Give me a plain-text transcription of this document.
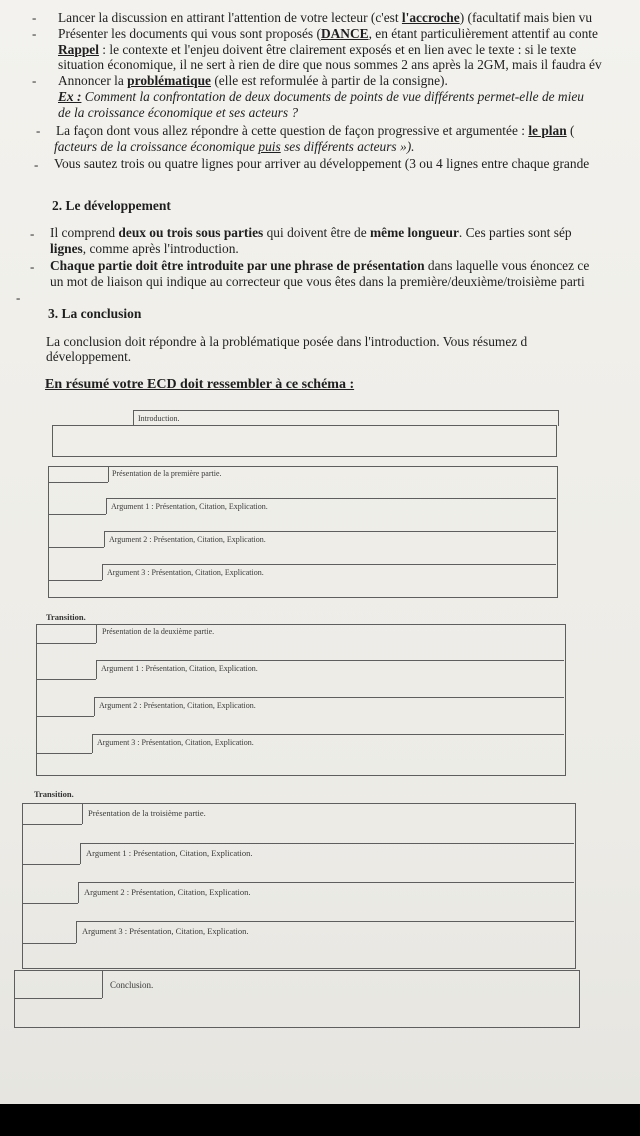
- Lancer la discussion en attirant l'attention de votre lecteur (c'est l'accroche) (facultatif mais bien vu
- Présenter les documents qui vous sont proposés (DANCE, en étant particulièrement attentif au conte
Rappel : le contexte et l'enjeu doivent être clairement exposés et en lien avec le texte : si le texte
situation économique, il ne sert à rien de dire que nous sommes 2 ans après la 2GM, mais il faudra év
- Annoncer la problématique (elle est reformulée à partir de la consigne).
Ex : Comment la confrontation de deux documents de points de vue différents permet-elle de mieu
de la croissance économique et ses acteurs ?
- La façon dont vous allez répondre à cette question de façon progressive et argumentée : le plan (
facteurs de la croissance économique puis ses différents acteurs »).
- Vous sautez trois ou quatre lignes pour arriver au développement (3 ou 4 lignes entre chaque grande
2. Le développement
- Il comprend deux ou trois sous parties qui doivent être de même longueur. Ces parties sont sép
lignes, comme après l'introduction.
- Chaque partie doit être introduite par une phrase de présentation dans laquelle vous énoncez ce
un mot de liaison qui indique au correcteur que vous êtes dans la première/deuxième/troisième parti
-
3. La conclusion
La conclusion doit répondre à la problématique posée dans l'introduction. Vous résumez d
développement.
En résumé votre ECD doit ressembler à ce schéma :
Introduction.
Présentation de la première partie.
Argument 1 : Présentation, Citation, Explication.
Argument 2 : Présentation, Citation, Explication.
Argument 3 : Présentation, Citation, Explication.
Transition.
Présentation de la deuxième partie.
Argument 1 : Présentation, Citation, Explication.
Argument 2 : Présentation, Citation, Explication.
Argument 3 : Présentation, Citation, Explication.
Transition.
Présentation de la troisième partie.
Argument 1 : Présentation, Citation, Explication.
Argument 2 : Présentation, Citation, Explication.
Argument 3 : Présentation, Citation, Explication.
Conclusion.
